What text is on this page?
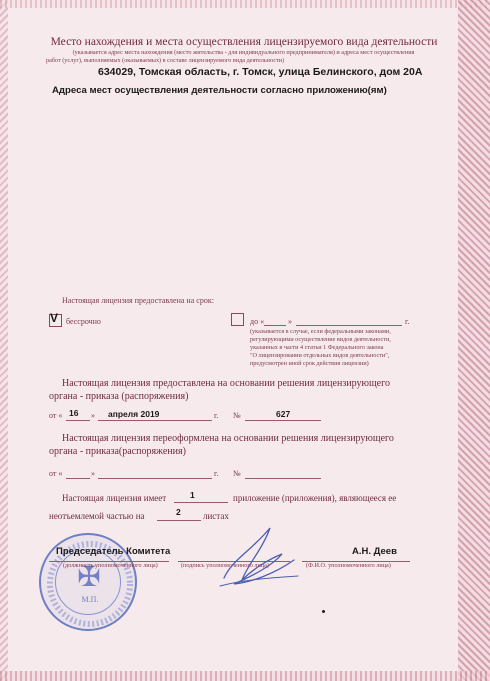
Место нахождения и места осуществления лицензируемого вида деятельности
(указывается адрес места нахождения (место жительства - для индивидуального предпринимателя) и адреса мест осуществления
работ (услуг), выполняемых (оказываемых) в составе лицензируемого вида деятельности)
634029, Томская область, г. Томск, улица Белинского, дом 20А
Адреса мест осуществления деятельности согласно приложению(ям)
Настоящая лицензия предоставлена на срок:
V бессрочно	до «	»	г.
(указывается в случае, если федеральными законами,
регулирующими осуществление видов деятельности,
указанных в части 4 статьи 1 Федерального закона
"О лицензировании отдельных видов деятельности",
предусмотрен иной срок действия лицензии)
Настоящая лицензия предоставлена на основании решения лицензирующего
органа - приказа (распоряжения)
от « 16 » апреля 2019	г. №	627
Настоящая лицензия переоформлена на основании решения лицензирующего
органа - приказа(распоряжения)
от «	»	г. №
Настоящая лицензия имеет	1	приложение (приложения), являющееся ее
неотъемлемой частью на	2 листах
✠
М.П.
Председатель Комитета
(должность уполномоченного лица)	(подпись уполномоченного лица)
А.Н. Деев
(Ф.И.О. уполномоченного лица)
